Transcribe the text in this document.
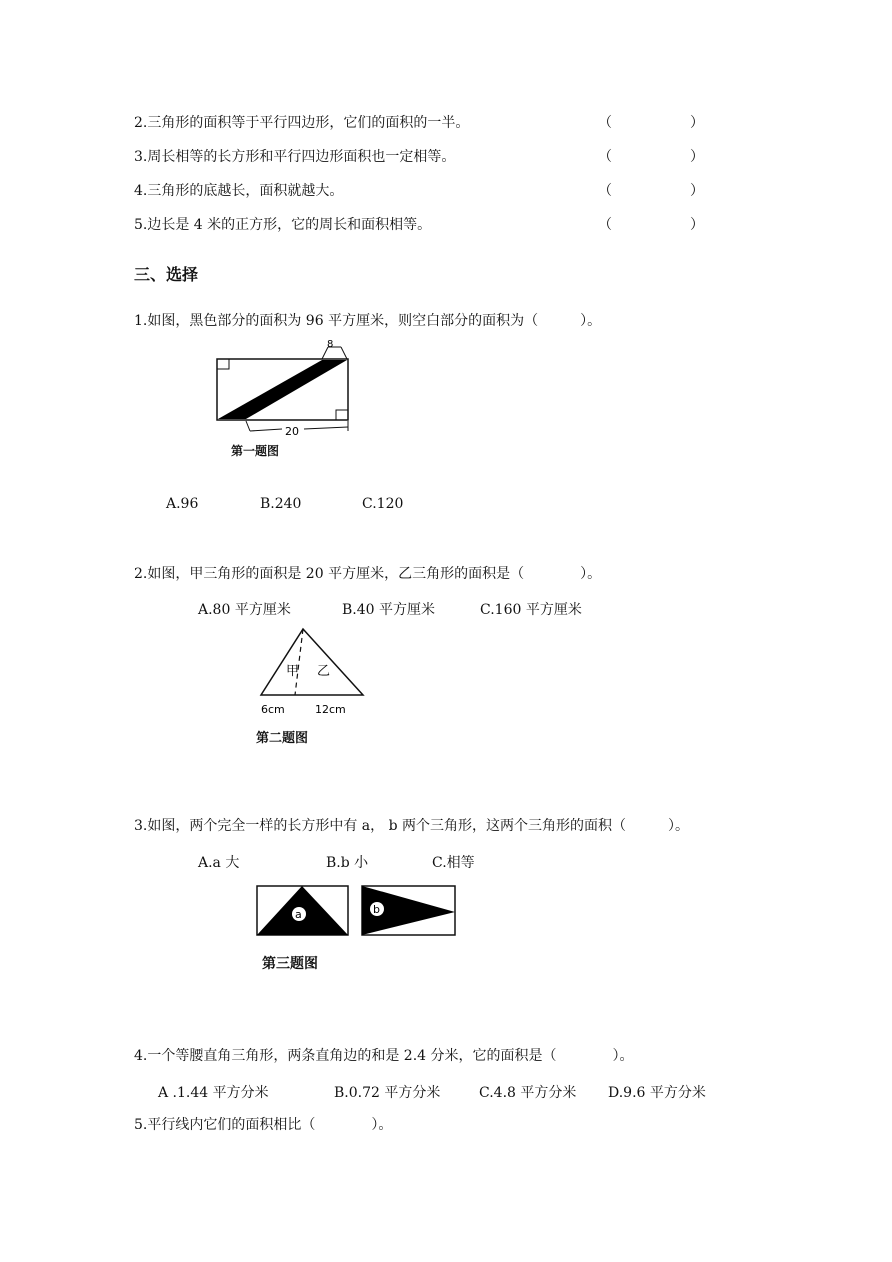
2.三角形的面积等于平行四边形，它们的面积的一半。	（	）
3.周长相等的长方形和平行四边形面积也一定相等。	（	）
4.三角形的底越长，面积就越大。	（	）
5.边长是 4 米的正方形，它的周长和面积相等。	（	）
三、选择
1.如图，黑色部分的面积为 96 平方厘米，则空白部分的面积为（　　　）。
8
20
第一题图
A.96	B.240	C.120
2.如图，甲三角形的面积是 20 平方厘米，乙三角形的面积是（　　　　）。
A.80 平方厘米	B.40 平方厘米	C.160 平方厘米
甲 乙
6cm	12cm
第二题图
3.如图，两个完全一样的长方形中有 a， b 两个三角形，这两个三角形的面积（　　　）。
A.a 大	B.b 小	C.相等
a	b
第三题图
4.一个等腰直角三角形，两条直角边的和是 2.4 分米，它的面积是（　　　　）。
A .1.44 平方分米	B.0.72 平方分米	C.4.8 平方分米 D.9.6 平方分米
5.平行线内它们的面积相比（　　　　）。
